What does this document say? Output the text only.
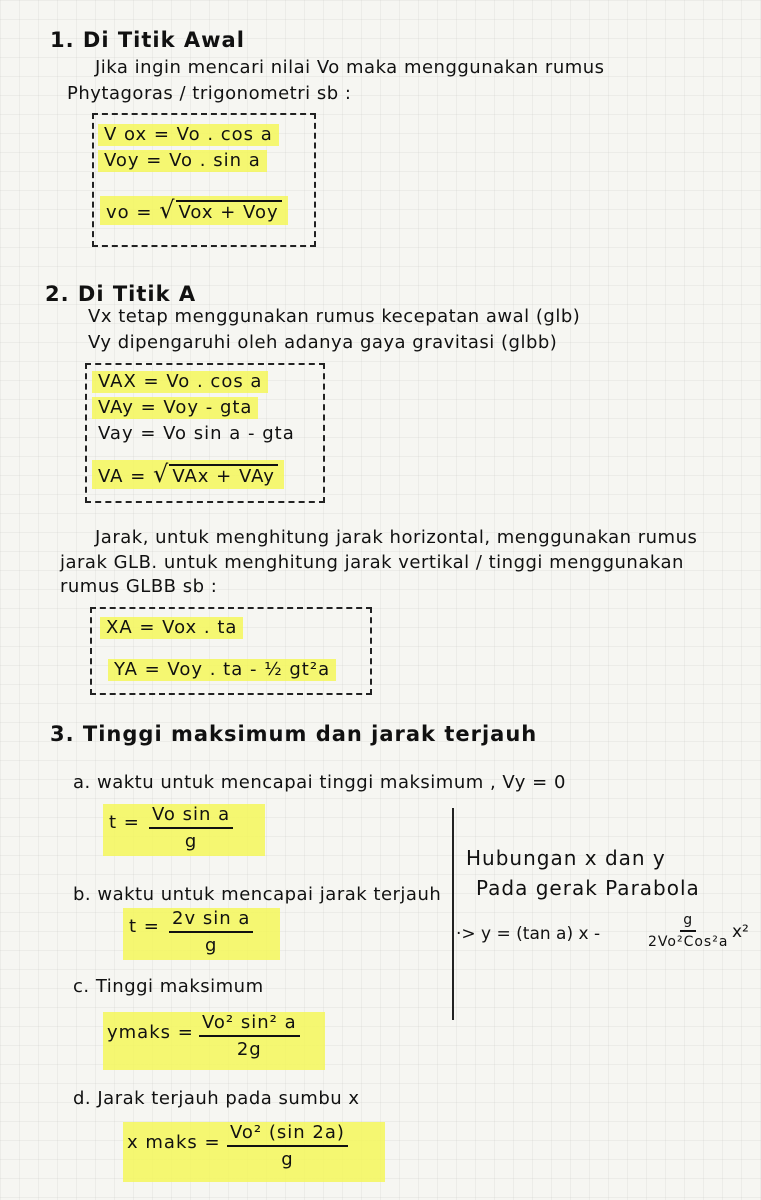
1. Di Titik Awal
Jika ingin mencari nilai Vo maka menggunakan rumus
Phytagoras / trigonometri sb :
V ox = Vo . cos a
Voy = Vo . sin a
vo = √ Vox + Voy
2. Di Titik A
Vx tetap menggunakan rumus kecepatan awal (glb)
Vy dipengaruhi oleh adanya gaya gravitasi (glbb)
VAX = Vo . cos a
VAy = Voy - gta
Vay = Vo sin a - gta
VA = √ VAx + VAy
Jarak, untuk menghitung jarak horizontal, menggunakan rumus
jarak GLB. untuk menghitung jarak vertikal / tinggi menggunakan
rumus GLBB sb :
XA = Vox . ta
YA = Voy . ta - ½ gt²a
3. Tinggi maksimum dan jarak terjauh
a. waktu untuk mencapai tinggi maksimum , Vy = 0
$t = \frac{\text{Vo sin a}}{g}$
b. waktu untuk mencapai jarak terjauh
$t = \frac{\text{2v sin a}}{g}$
c. Tinggi maksimum
ymaks = $\frac{\text{Vo² sin² a}}{2g}$
d. Jarak terjauh pada sumbu x
x maks = $\frac{\text{Vo² (sin 2a)}}{g}$
Hubungan x dan y
Pada gerak Parabola
·> y = (tan a) x -
g
2Vo²Cos²a x²
